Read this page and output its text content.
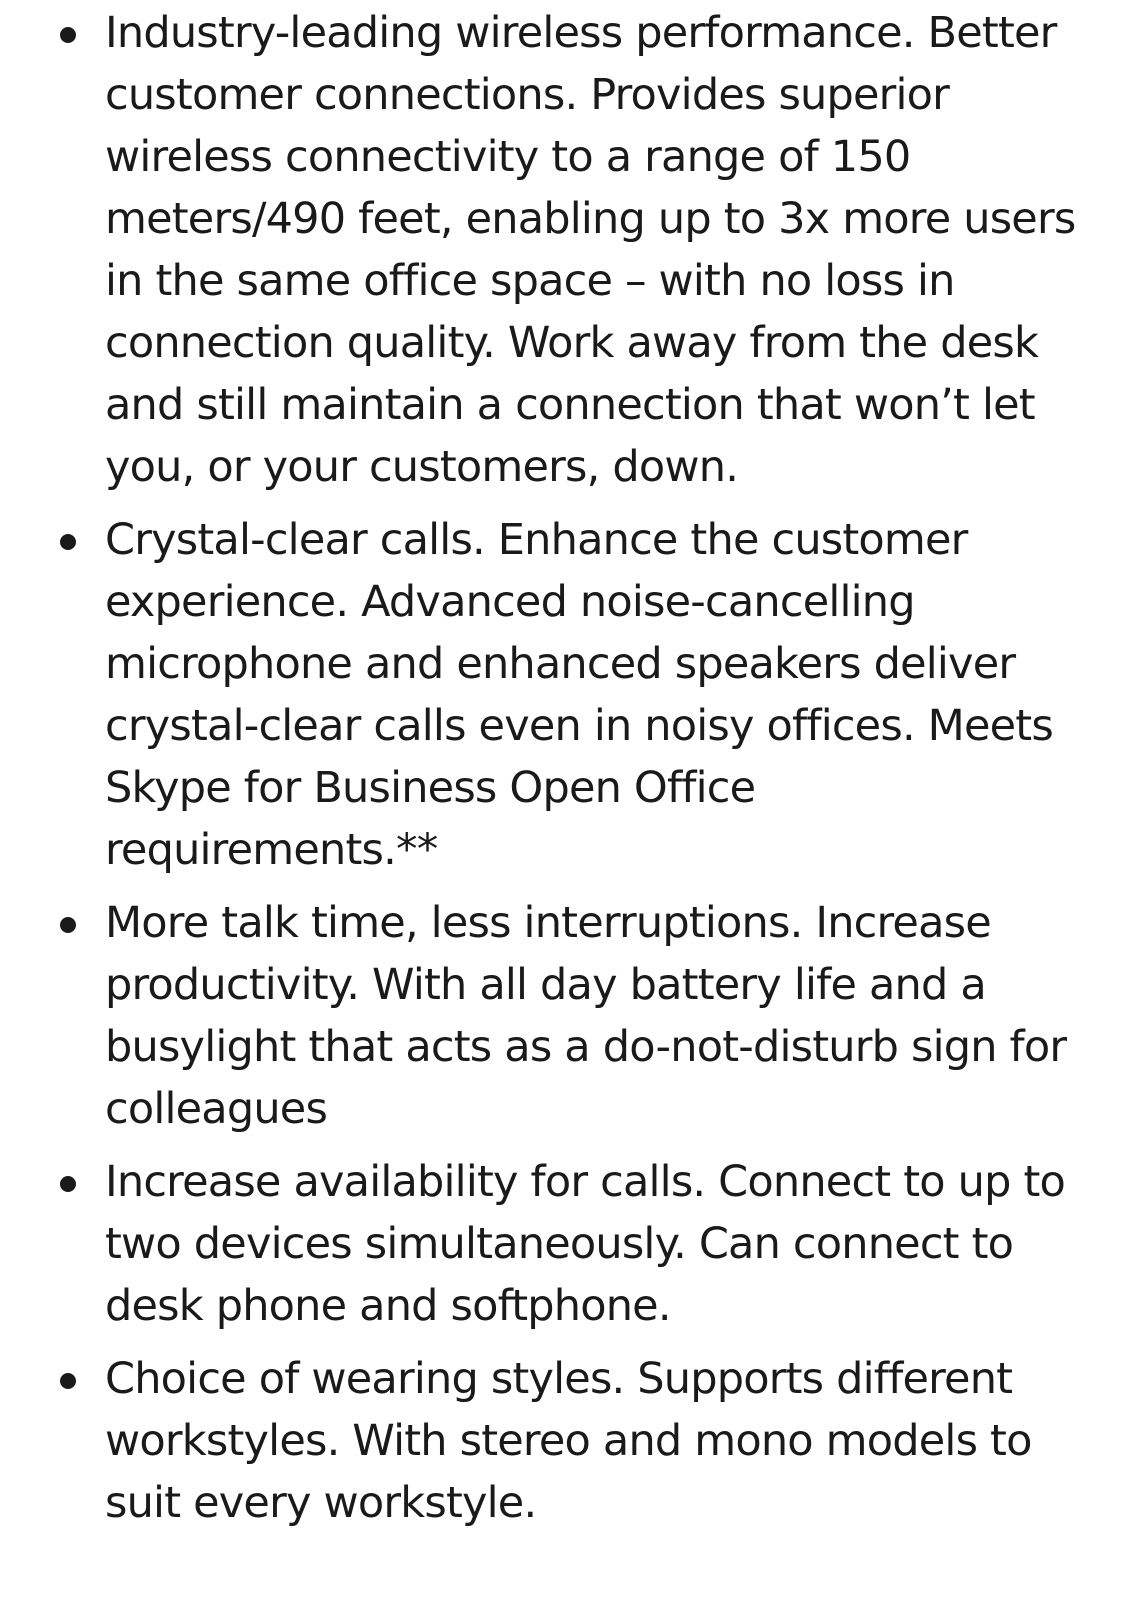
Industry-leading wireless performance. Better customer connections. Provides superior wireless connectivity to a range of 150 meters/490 feet, enabling up to 3x more users in the same office space – with no loss in connection quality. Work away from the desk and still maintain a connection that won’t let you, or your customers, down.
Crystal-clear calls. Enhance the customer experience. Advanced noise-cancelling microphone and enhanced speakers deliver crystal-clear calls even in noisy offices. Meets Skype for Business Open Office requirements.**
More talk time, less interruptions. Increase productivity. With all day battery life and a busylight that acts as a do-not-disturb sign for colleagues
Increase availability for calls. Connect to up to two devices simultaneously. Can connect to desk phone and softphone.
Choice of wearing styles. Supports different workstyles. With stereo and mono models to suit every workstyle.
